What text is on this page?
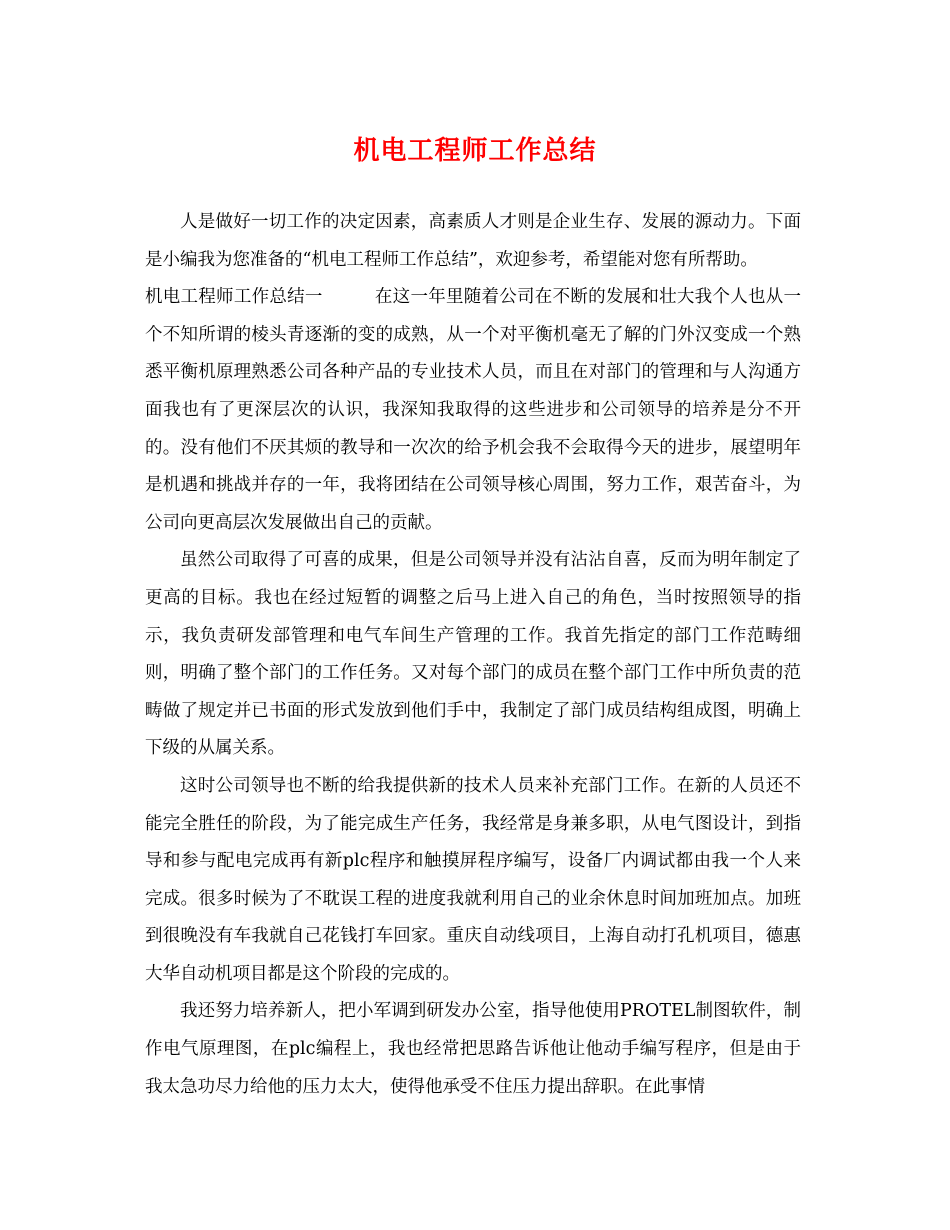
机电工程师工作总结

人是做好一切工作的决定因素，高素质人才则是企业生存、发展的源动力。下面是小编我为您准备的“机电工程师工作总结”，欢迎参考，希望能对您有所帮助。

机电工程师工作总结一	在这一年里随着公司在不断的发展和壮大我个人也从一个不知所谓的棱头青逐渐的变的成熟，从一个对平衡机毫无了解的门外汉变成一个熟悉平衡机原理熟悉公司各种产品的专业技术人员，而且在对部门的管理和与人沟通方面我也有了更深层次的认识，我深知我取得的这些进步和公司领导的培养是分不开的。没有他们不厌其烦的教导和一次次的给予机会我不会取得今天的进步，展望明年是机遇和挑战并存的一年，我将团结在公司领导核心周围，努力工作，艰苦奋斗，为公司向更高层次发展做出自己的贡献。

虽然公司取得了可喜的成果，但是公司领导并没有沾沾自喜，反而为明年制定了更高的目标。我也在经过短暂的调整之后马上进入自己的角色，当时按照领导的指示，我负责研发部管理和电气车间生产管理的工作。我首先指定的部门工作范畴细则，明确了整个部门的工作任务。又对每个部门的成员在整个部门工作中所负责的范畴做了规定并已书面的形式发放到他们手中，我制定了部门成员结构组成图，明确上下级的从属关系。

这时公司领导也不断的给我提供新的技术人员来补充部门工作。在新的人员还不能完全胜任的阶段，为了能完成生产任务，我经常是身兼多职，从电气图设计，到指导和参与配电完成再有新plc程序和触摸屏程序编写，设备厂内调试都由我一个人来完成。很多时候为了不耽误工程的进度我就利用自己的业余休息时间加班加点。加班到很晚没有车我就自己花钱打车回家。重庆自动线项目，上海自动打孔机项目，德惠大华自动机项目都是这个阶段的完成的。

我还努力培养新人，把小军调到研发办公室，指导他使用PROTEL制图软件，制作电气原理图，在plc编程上，我也经常把思路告诉他让他动手编写程序，但是由于我太急功尽力给他的压力太大，使得他承受不住压力提出辞职。在此事情
